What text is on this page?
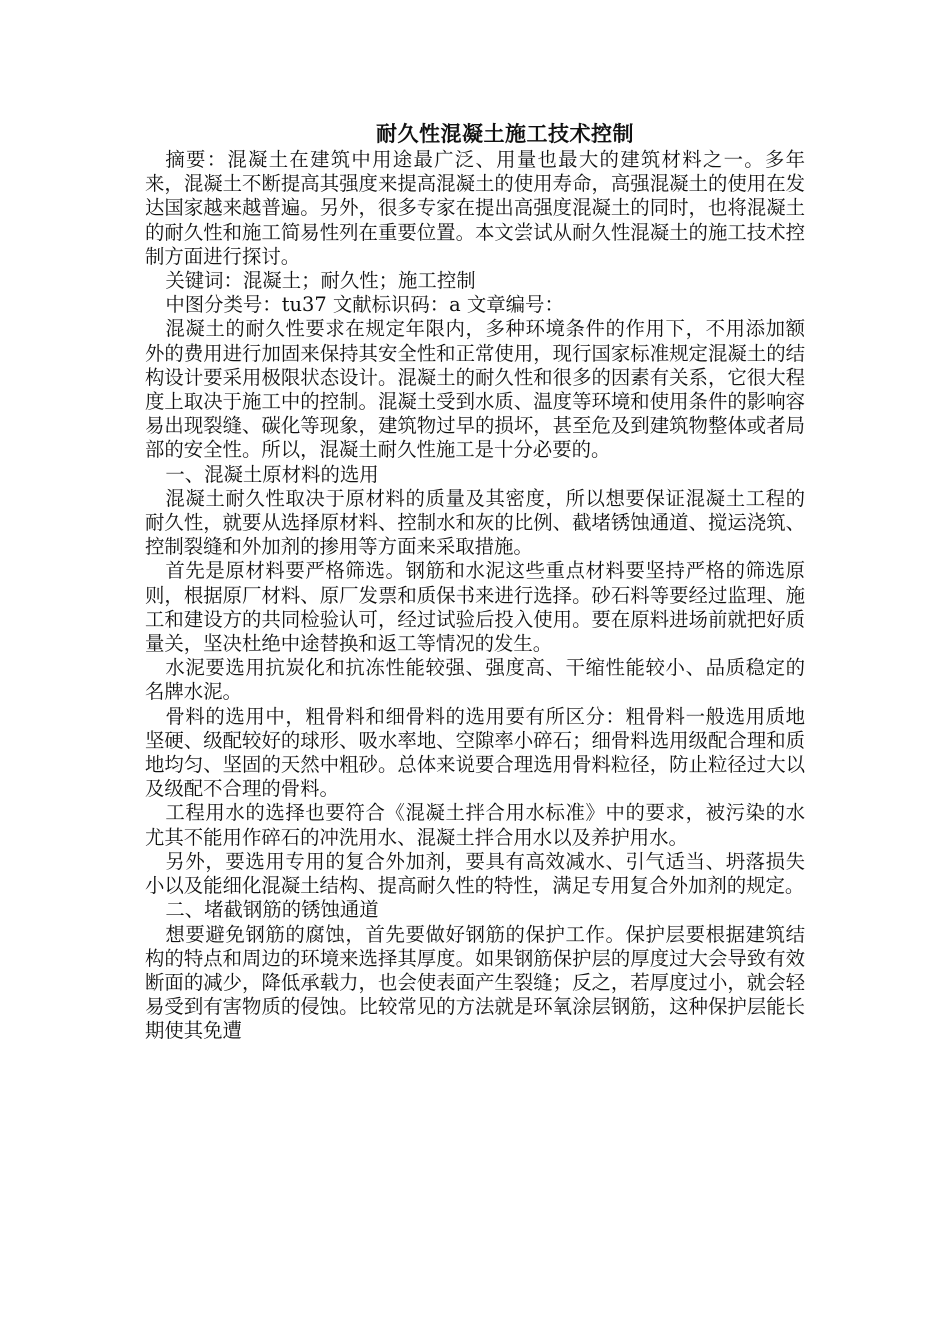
耐久性混凝土施工技术控制

摘要：混凝土在建筑中用途最广泛、用量也最大的建筑材料之一。多年来，混凝土不断提高其强度来提高混凝土的使用寿命，高强混凝土的使用在发达国家越来越普遍。另外，很多专家在提出高强度混凝土的同时，也将混凝土的耐久性和施工简易性列在重要位置。本文尝试从耐久性混凝土的施工技术控制方面进行探讨。

关键词：混凝土；耐久性；施工控制

中图分类号：tu37 文献标识码：a 文章编号：

混凝土的耐久性要求在规定年限内，多种环境条件的作用下，不用添加额外的费用进行加固来保持其安全性和正常使用，现行国家标准规定混凝土的结构设计要采用极限状态设计。混凝土的耐久性和很多的因素有关系，它很大程度上取决于施工中的控制。混凝土受到水质、温度等环境和使用条件的影响容易出现裂缝、碳化等现象，建筑物过早的损坏，甚至危及到建筑物整体或者局部的安全性。所以，混凝土耐久性施工是十分必要的。

一、混凝土原材料的选用

混凝土耐久性取决于原材料的质量及其密度，所以想要保证混凝土工程的耐久性，就要从选择原材料、控制水和灰的比例、截堵锈蚀通道、搅运浇筑、控制裂缝和外加剂的掺用等方面来采取措施。

首先是原材料要严格筛选。钢筋和水泥这些重点材料要坚持严格的筛选原则，根据原厂材料、原厂发票和质保书来进行选择。砂石料等要经过监理、施工和建设方的共同检验认可，经过试验后投入使用。要在原料进场前就把好质量关，坚决杜绝中途替换和返工等情况的发生。

水泥要选用抗炭化和抗冻性能较强、强度高、干缩性能较小、品质稳定的名牌水泥。

骨料的选用中，粗骨料和细骨料的选用要有所区分：粗骨料一般选用质地坚硬、级配较好的球形、吸水率地、空隙率小碎石；细骨料选用级配合理和质地均匀、坚固的天然中粗砂。总体来说要合理选用骨料粒径，防止粒径过大以及级配不合理的骨料。

工程用水的选择也要符合《混凝土拌合用水标准》中的要求，被污染的水尤其不能用作碎石的冲洗用水、混凝土拌合用水以及养护用水。

另外，要选用专用的复合外加剂，要具有高效减水、引气适当、坍落损失小以及能细化混凝土结构、提高耐久性的特性，满足专用复合外加剂的规定。

二、堵截钢筋的锈蚀通道

想要避免钢筋的腐蚀，首先要做好钢筋的保护工作。保护层要根据建筑结构的特点和周边的环境来选择其厚度。如果钢筋保护层的厚度过大会导致有效断面的减少，降低承载力，也会使表面产生裂缝；反之，若厚度过小，就会轻易受到有害物质的侵蚀。比较常见的方法就是环氧涂层钢筋，这种保护层能长期使其免遭
